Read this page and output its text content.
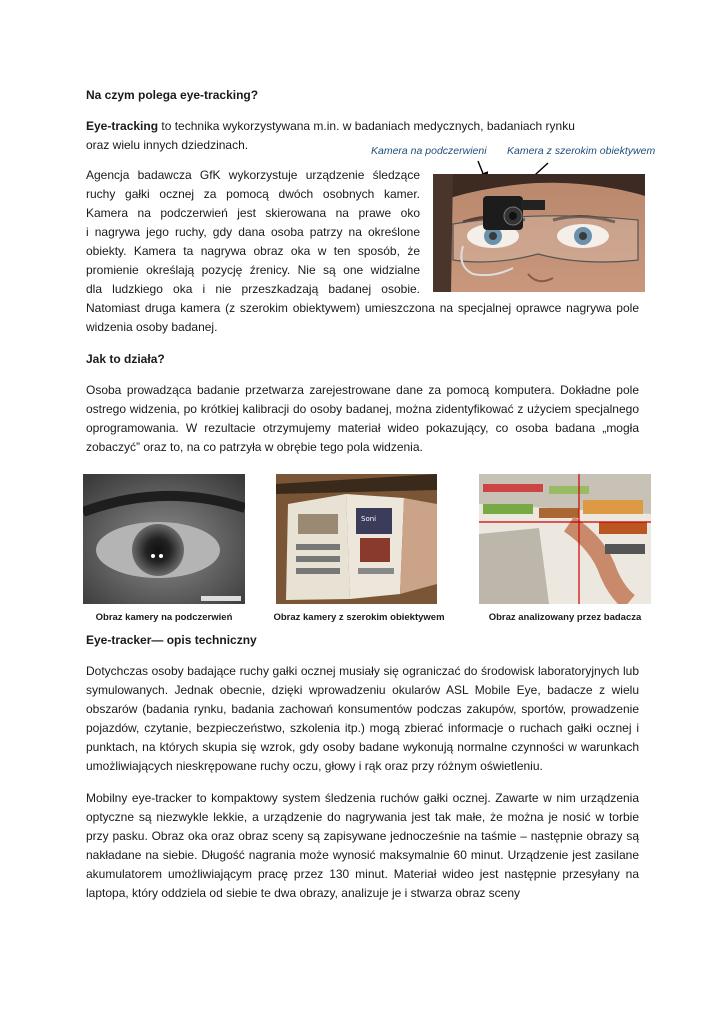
Na czym polega eye-tracking?

Eye-tracking to technika wykorzystywana m.in. w badaniach medycznych, badaniach rynku
oraz wielu innych dziedzinach.	Kamera na podczerwieni Kamera z szerokim obiektywem
Agencja badawcza GfK wykorzystuje urządzenie śledzące
ruchy gałki ocznej za pomocą dwóch osobnych kamer.
Kamera na podczerwień jest skierowana na prawe oko
i nagrywa jego ruchy, gdy dana osoba patrzy na określone
obiekty. Kamera ta nagrywa obraz oka w ten sposób, że
promienie określają pozycję źrenicy. Nie są one widzialne
dla ludzkiego oka i nie przeszkadzają badanej osobie.

Natomiast druga kamera (z szerokim obiektywem) umieszczona na specjalnej oprawce nagrywa pole widzenia osoby badanej.

Jak to działa?

Osoba prowadząca badanie przetwarza zarejestrowane dane za pomocą komputera. Dokładne pole ostrego widzenia, po krótkiej kalibracji do osoby badanej, można zidentyfikować z użyciem specjalnego oprogramowania. W rezultacie otrzymujemy materiał wideo pokazujący, co osoba badana „mogła zobaczyć” oraz to, na co patrzyła w obrębie tego pola widzenia.

Soni
Obraz kamery na podczerwień	Obraz kamery z szerokim obiektywem	Obraz analizowany przez badacza

Eye-tracker— opis techniczny

Dotychczas osoby badające ruchy gałki ocznej musiały się ograniczać do środowisk laboratoryjnych lub symulowanych. Jednak obecnie, dzięki wprowadzeniu okularów ASL Mobile Eye, badacze z wielu obszarów (badania rynku, badania zachowań konsumentów podczas zakupów, sportów, prowadzenie pojazdów, czytanie, bezpieczeństwo, szkolenia itp.) mogą zbierać informacje o ruchach gałki ocznej i punktach, na których skupia się wzrok, gdy osoby badane wykonują normalne czynności w warunkach umożliwiających nieskrępowane ruchy oczu, głowy i rąk oraz przy różnym oświetleniu.

Mobilny eye-tracker to kompaktowy system śledzenia ruchów gałki ocznej. Zawarte w nim urządzenia optyczne są niezwykle lekkie, a urządzenie do nagrywania jest tak małe, że można je nosić w torbie przy pasku. Obraz oka oraz obraz sceny są zapisywane jednocześnie na taśmie – następnie obrazy są nakładane na siebie. Długość nagrania może wynosić maksymalnie 60 minut. Urządzenie jest zasilane akumulatorem umożliwiającym pracę przez 130 minut. Materiał wideo jest następnie przesyłany na laptopa, który oddziela od siebie te dwa obrazy, analizuje je i stwarza obraz sceny
